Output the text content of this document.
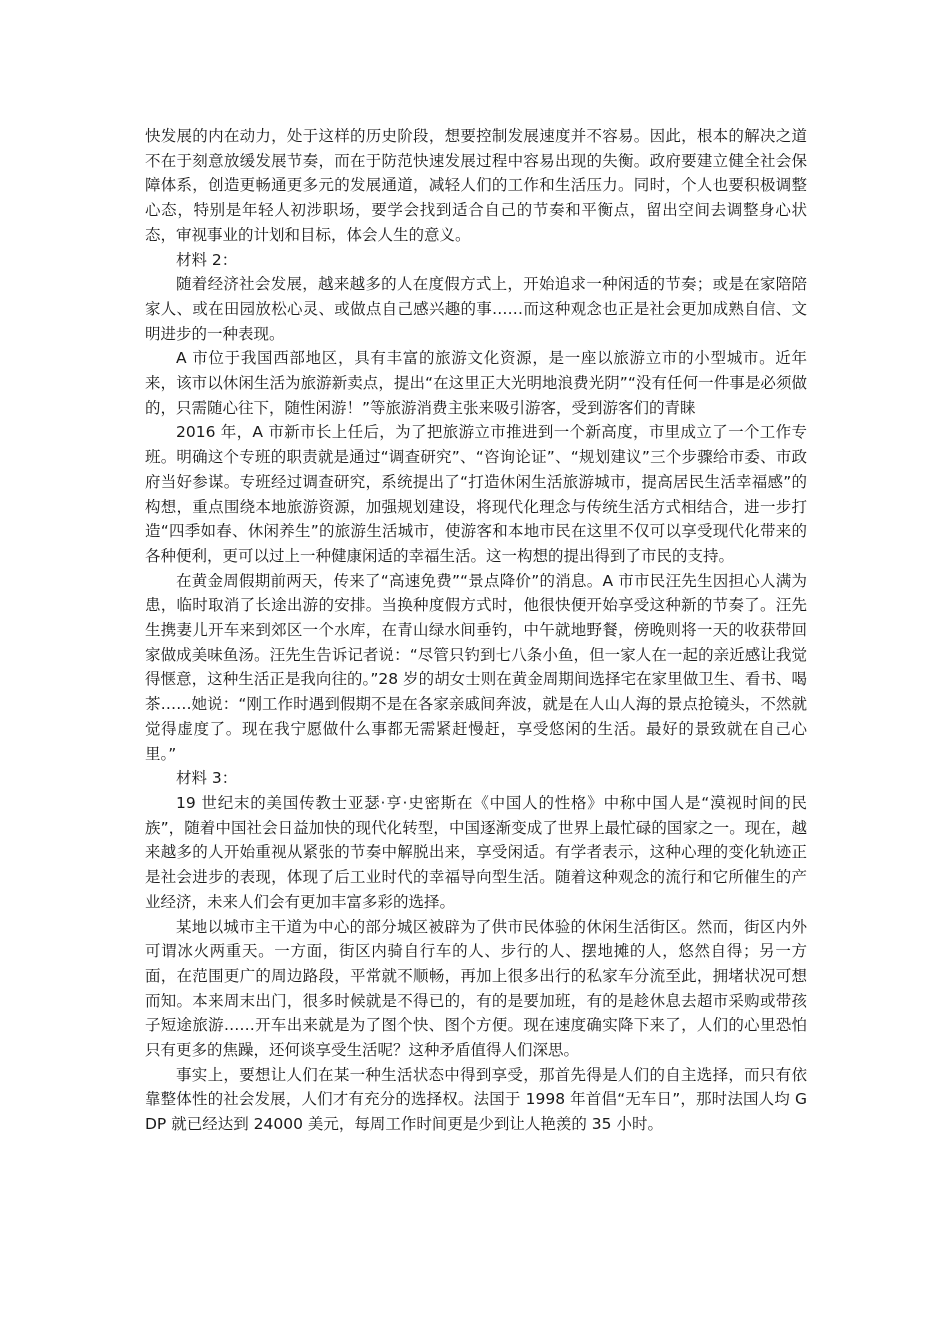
快发展的内在动力，处于这样的历史阶段，想要控制发展速度并不容易。因此，根本的解决之道不在于刻意放缓发展节奏，而在于防范快速发展过程中容易出现的失衡。政府要建立健全社会保障体系，创造更畅通更多元的发展通道，减轻人们的工作和生活压力。同时，个人也要积极调整心态，特别是年轻人初涉职场，要学会找到适合自己的节奏和平衡点，留出空间去调整身心状态，审视事业的计划和目标，体会人生的意义。

材料 2：

随着经济社会发展，越来越多的人在度假方式上，开始追求一种闲适的节奏；或是在家陪陪家人、或在田园放松心灵、或做点自己感兴趣的事……而这种观念也正是社会更加成熟自信、文明进步的一种表现。

A 市位于我国西部地区，具有丰富的旅游文化资源，是一座以旅游立市的小型城市。近年来，该市以休闲生活为旅游新卖点，提出“在这里正大光明地浪费光阴”“没有任何一件事是必须做的，只需随心往下，随性闲游！”等旅游消费主张来吸引游客，受到游客们的青睐

2016 年，A 市新市长上任后，为了把旅游立市推进到一个新高度，市里成立了一个工作专班。明确这个专班的职责就是通过“调查研究”、“咨询论证”、“规划建议”三个步骤给市委、市政府当好参谋。专班经过调查研究，系统提出了“打造休闲生活旅游城市，提高居民生活幸福感”的构想，重点围绕本地旅游资源，加强规划建设，将现代化理念与传统生活方式相结合，进一步打造“四季如春、休闲养生”的旅游生活城市，使游客和本地市民在这里不仅可以享受现代化带来的各种便利，更可以过上一种健康闲适的幸福生活。这一构想的提出得到了市民的支持。

在黄金周假期前两天，传来了“高速免费”“景点降价”的消息。A 市市民汪先生因担心人满为患，临时取消了长途出游的安排。当换种度假方式时，他很快便开始享受这种新的节奏了。汪先生携妻儿开车来到郊区一个水库，在青山绿水间垂钓，中午就地野餐，傍晚则将一天的收获带回家做成美味鱼汤。汪先生告诉记者说：“尽管只钓到七八条小鱼，但一家人在一起的亲近感让我觉得惬意，这种生活正是我向往的。”28 岁的胡女士则在黄金周期间选择宅在家里做卫生、看书、喝茶……她说：“刚工作时遇到假期不是在各家亲戚间奔波，就是在人山人海的景点抢镜头，不然就觉得虚度了。现在我宁愿做什么事都无需紧赶慢赶，享受悠闲的生活。最好的景致就在自己心里。”

材料 3：

19 世纪末的美国传教士亚瑟·亨·史密斯在《中国人的性格》中称中国人是“漠视时间的民族”，随着中国社会日益加快的现代化转型，中国逐渐变成了世界上最忙碌的国家之一。现在，越来越多的人开始重视从紧张的节奏中解脱出来，享受闲适。有学者表示，这种心理的变化轨迹正是社会进步的表现，体现了后工业时代的幸福导向型生活。随着这种观念的流行和它所催生的产业经济，未来人们会有更加丰富多彩的选择。

某地以城市主干道为中心的部分城区被辟为了供市民体验的休闲生活街区。然而，街区内外可谓冰火两重天。一方面，街区内骑自行车的人、步行的人、摆地摊的人，悠然自得；另一方面，在范围更广的周边路段，平常就不顺畅，再加上很多出行的私家车分流至此，拥堵状况可想而知。本来周末出门，很多时候就是不得已的，有的是要加班，有的是趁休息去超市采购或带孩子短途旅游……开车出来就是为了图个快、图个方便。现在速度确实降下来了，人们的心里恐怕只有更多的焦躁，还何谈享受生活呢？这种矛盾值得人们深思。

事实上，要想让人们在某一种生活状态中得到享受，那首先得是人们的自主选择，而只有依靠整体性的社会发展，人们才有充分的选择权。法国于 1998 年首倡“无车日”，那时法国人均 GDP 就已经达到 24000 美元，每周工作时间更是少到让人艳羡的 35 小时。
